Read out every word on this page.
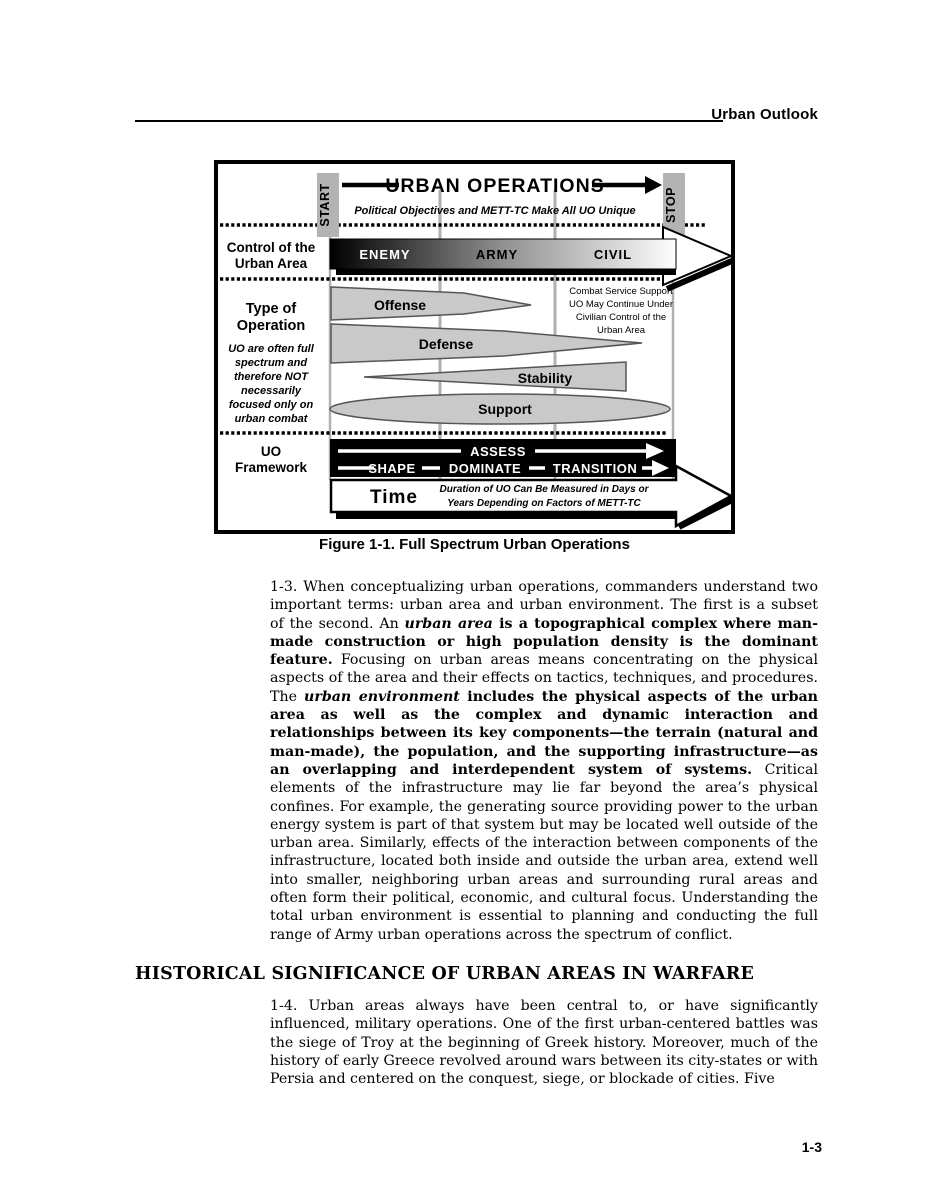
Urban Outlook
START	STOP
URBAN OPERATIONS
Political Objectives and METT-TC Make All UO Unique
Control of the
Urban Area
ENEMY	ARMY	CIVIL
Type of
Operation
UO are often full
spectrum and
therefore NOT
necessarily
focused only on
urban combat
Offense
Defense
Stability
Support
Combat Service Support
UO May Continue Under
Civilian Control of the
Urban Area
UO
Framework
ASSESS
SHAPE	DOMINATE TRANSITION
Time Duration of UO Can Be Measured in Days or
Years Depending on Factors of METT-TC
Figure 1-1. Full Spectrum Urban Operations
1-3. When conceptualizing urban operations, commanders understand two important terms: urban area and urban environment. The first is a subset of the second. An urban area is a topographical complex where man-made construction or high population density is the dominant feature. Focusing on urban areas means concentrating on the physical aspects of the area and their effects on tactics, techniques, and procedures. The urban environment includes the physical aspects of the urban area as well as the complex and dynamic interaction and relationships between its key components—the terrain (natural and man-made), the population, and the supporting infrastructure—as an overlapping and interdependent system of systems. Critical elements of the infrastructure may lie far beyond the area’s physical confines. For example, the generating source providing power to the urban energy system is part of that system but may be located well outside of the urban area. Similarly, effects of the interaction between components of the infrastructure, located both inside and outside the urban area, extend well into smaller, neighboring urban areas and surrounding rural areas and often form their political, economic, and cultural focus. Understanding the total urban environment is essential to planning and conducting the full range of Army urban operations across the spectrum of conflict.
HISTORICAL SIGNIFICANCE OF URBAN AREAS IN WARFARE
1-4. Urban areas always have been central to, or have significantly influenced, military operations. One of the first urban-centered battles was the siege of Troy at the beginning of Greek history. Moreover, much of the history of early Greece revolved around wars between its city-states or with Persia and centered on the conquest, siege, or blockade of cities. Five
1-3
